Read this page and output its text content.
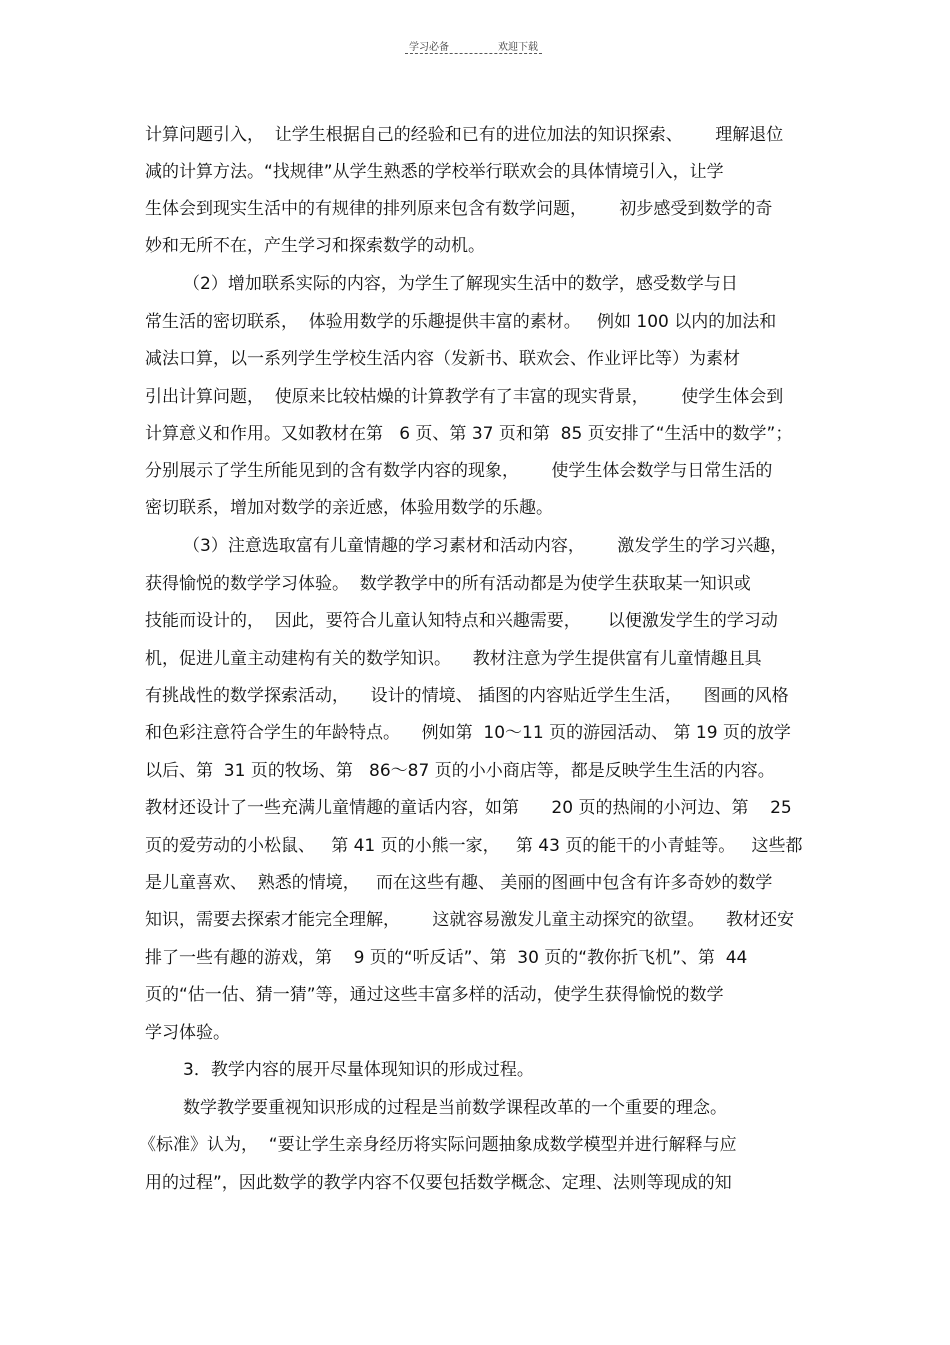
学习必备	欢迎下载
计算问题引入，  让学生根据自己的经验和已有的进位加法的知识探索、      理解退位
减的计算方法。“找规律”从学生熟悉的学校举行联欢会的具体情境引入，让学
生体会到现实生活中的有规律的排列原来包含有数学问题，      初步感受到数学的奇
妙和无所不在，产生学习和探索数学的动机。
（2）增加联系实际的内容，为学生了解现实生活中的数学，感受数学与日
常生活的密切联系，  体验用数学的乐趣提供丰富的素材。   例如 100 以内的加法和
减法口算，以一系列学生学校生活内容（发新书、联欢会、作业评比等）为素材
引出计算问题，  使原来比较枯燥的计算教学有了丰富的现实背景，      使学生体会到
计算意义和作用。又如教材在第   6 页、第 37 页和第  85 页安排了“生活中的数学”；
分别展示了学生所能见到的含有数学内容的现象，      使学生体会数学与日常生活的
密切联系，增加对数学的亲近感，体验用数学的乐趣。
（3）注意选取富有儿童情趣的学习素材和活动内容，      激发学生的学习兴趣，
获得愉悦的数学学习体验。  数学教学中的所有活动都是为使学生获取某一知识或
技能而设计的，  因此，要符合儿童认知特点和兴趣需要，     以便激发学生的学习动
机，促进儿童主动建构有关的数学知识。    教材注意为学生提供富有儿童情趣且具
有挑战性的数学探索活动，    设计的情境、 插图的内容贴近学生生活，    图画的风格
和色彩注意符合学生的年龄特点。    例如第  10～11 页的游园活动、 第 19 页的放学
以后、第  31 页的牧场、第   86～87 页的小小商店等，都是反映学生生活的内容。
教材还设计了一些充满儿童情趣的童话内容，如第      20 页的热闹的小河边、第    25
页的爱劳动的小松鼠、   第 41 页的小熊一家，   第 43 页的能干的小青蛙等。   这些都
是儿童喜欢、  熟悉的情境，   而在这些有趣、 美丽的图画中包含有许多奇妙的数学
知识，需要去探索才能完全理解，      这就容易激发儿童主动探究的欲望。    教材还安
排了一些有趣的游戏，第    9 页的“听反话”、第  30 页的“教你折飞机”、第  44
页的“估一估、猜一猜”等，通过这些丰富多样的活动，使学生获得愉悦的数学
学习体验。
3．教学内容的展开尽量体现知识的形成过程。
数学教学要重视知识形成的过程是当前数学课程改革的一个重要的理念。
《标准》认为，  “要让学生亲身经历将实际问题抽象成数学模型并进行解释与应
用的过程”，因此数学的教学内容不仅要包括数学概念、定理、法则等现成的知
